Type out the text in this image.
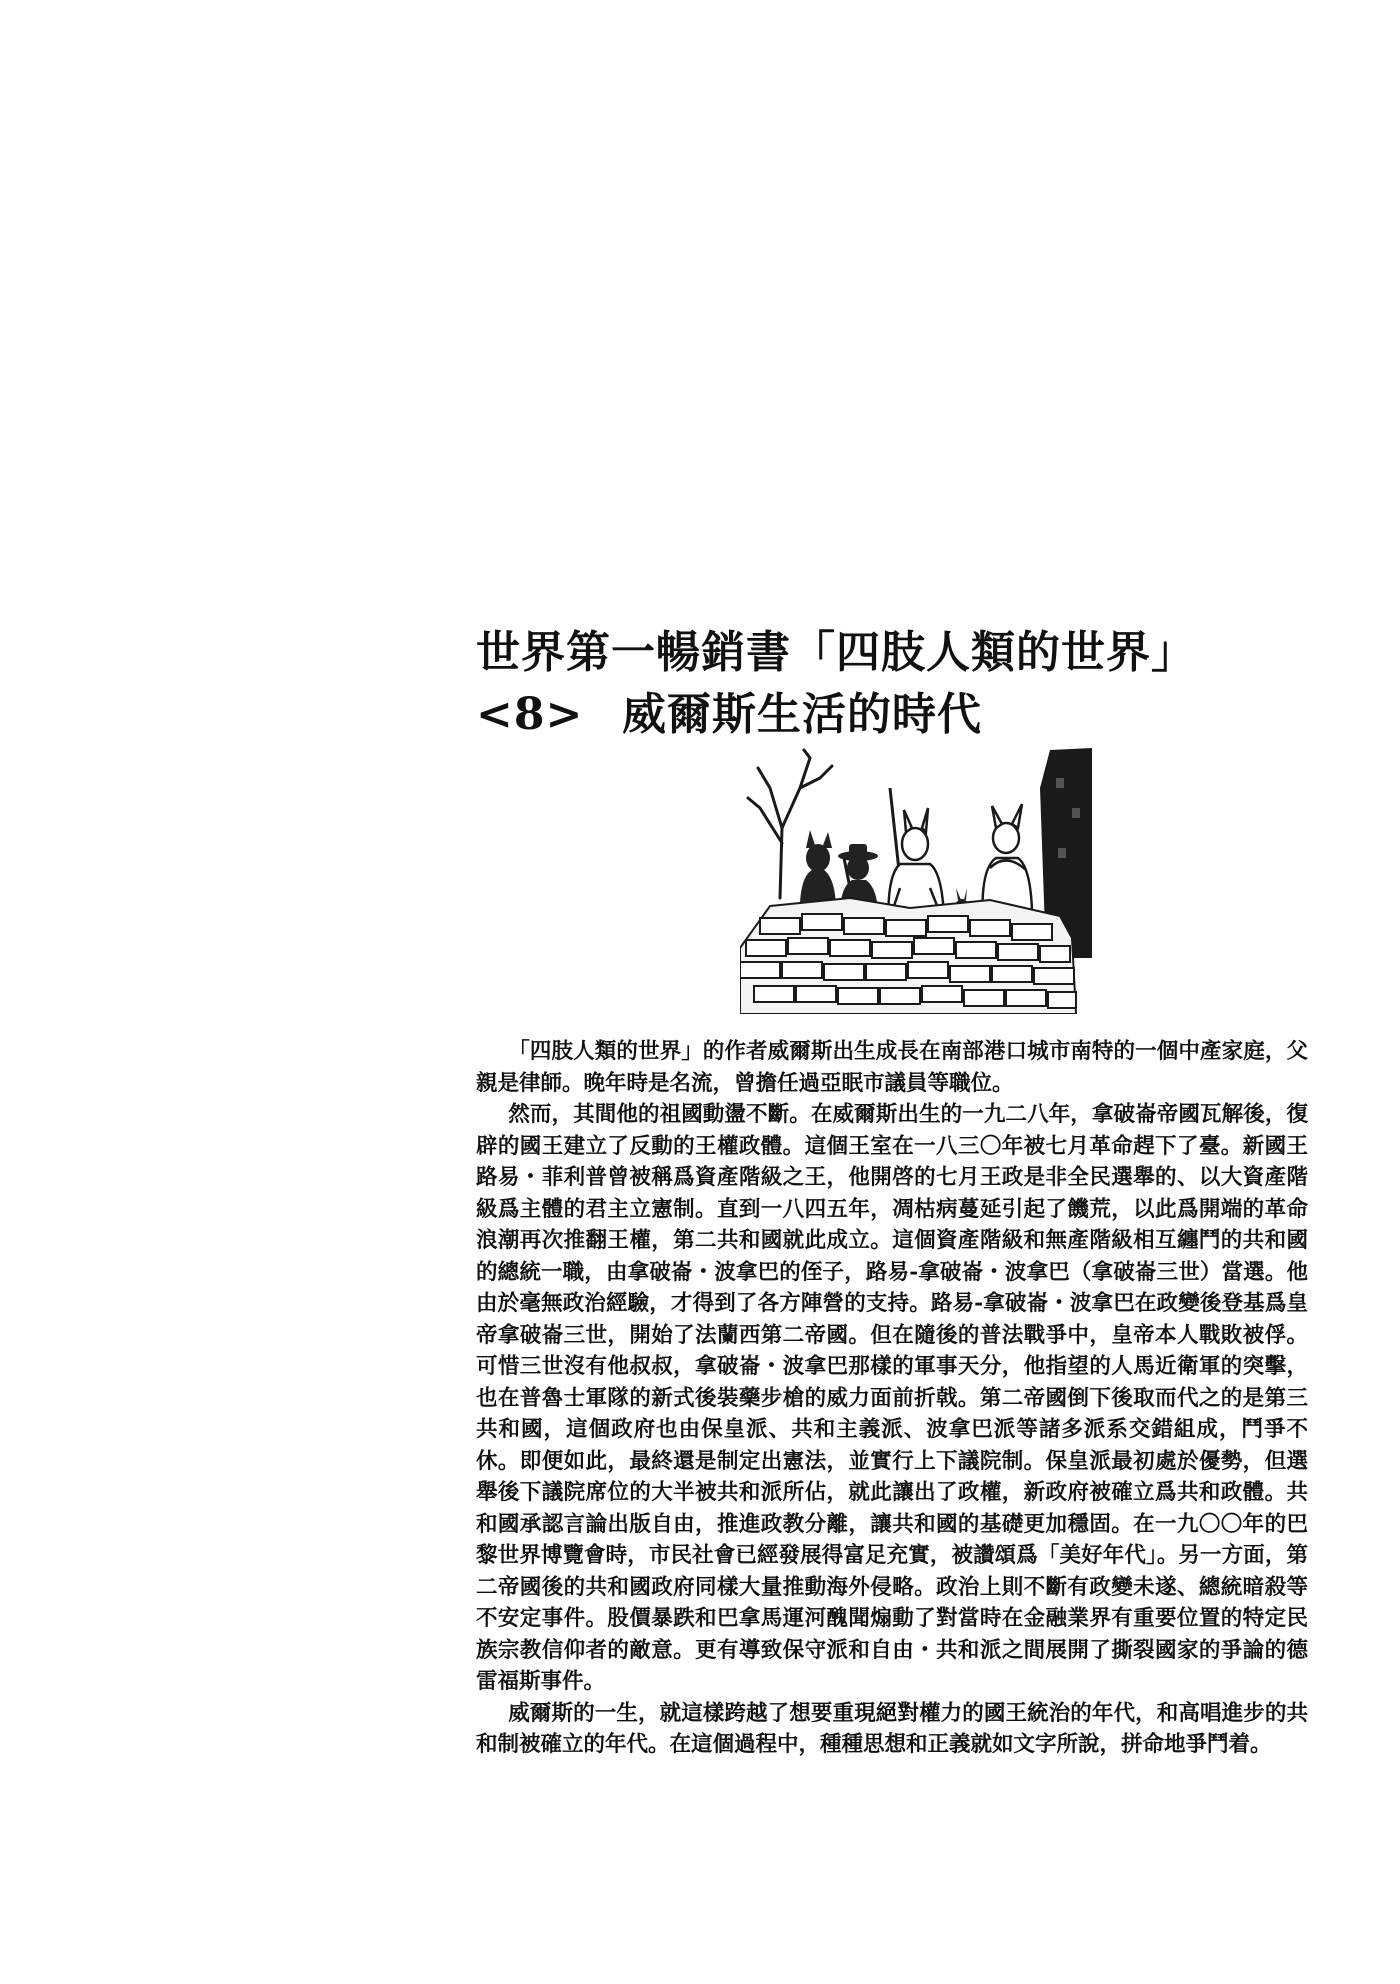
世界第一暢銷書「四肢人類的世界」
<8> 威爾斯生活的時代

「四肢人類的世界」的作者威爾斯出生成長在南部港口城市南特的一個中產家庭，父親是律師。晚年時是名流，曾擔任過亞眠市議員等職位。

然而，其間他的祖國動盪不斷。在威爾斯出生的一九二八年，拿破崙帝國瓦解後，復辟的國王建立了反動的王權政體。這個王室在一八三〇年被七月革命趕下了臺。新國王路易・菲利普曾被稱爲資產階級之王，他開啓的七月王政是非全民選舉的、以大資產階級爲主體的君主立憲制。直到一八四五年，凋枯病蔓延引起了饑荒，以此爲開端的革命浪潮再次推翻王權，第二共和國就此成立。這個資產階級和無產階級相互纏鬥的共和國的總統一職，由拿破崙・波拿巴的侄子，路易-拿破崙・波拿巴（拿破崙三世）當選。他由於毫無政治經驗，才得到了各方陣營的支持。路易-拿破崙・波拿巴在政變後登基爲皇帝拿破崙三世，開始了法蘭西第二帝國。但在隨後的普法戰爭中，皇帝本人戰敗被俘。可惜三世沒有他叔叔，拿破崙・波拿巴那樣的軍事天分，他指望的人馬近衛軍的突擊，也在普魯士軍隊的新式後裝藥步槍的威力面前折戟。第二帝國倒下後取而代之的是第三共和國，這個政府也由保皇派、共和主義派、波拿巴派等諸多派系交錯組成，鬥爭不休。即便如此，最終還是制定出憲法，並實行上下議院制。保皇派最初處於優勢，但選舉後下議院席位的大半被共和派所佔，就此讓出了政權，新政府被確立爲共和政體。共和國承認言論出版自由，推進政教分離，讓共和國的基礎更加穩固。在一九〇〇年的巴黎世界博覽會時，市民社會已經發展得富足充實，被讚頌爲「美好年代」。另一方面，第二帝國後的共和國政府同樣大量推動海外侵略。政治上則不斷有政變未遂、總統暗殺等不安定事件。股價暴跌和巴拿馬運河醜聞煽動了對當時在金融業界有重要位置的特定民族宗教信仰者的敵意。更有導致保守派和自由・共和派之間展開了撕裂國家的爭論的德雷福斯事件。

威爾斯的一生，就這樣跨越了想要重現絕對權力的國王統治的年代，和高唱進步的共和制被確立的年代。在這個過程中，種種思想和正義就如文字所說，拼命地爭鬥着。
